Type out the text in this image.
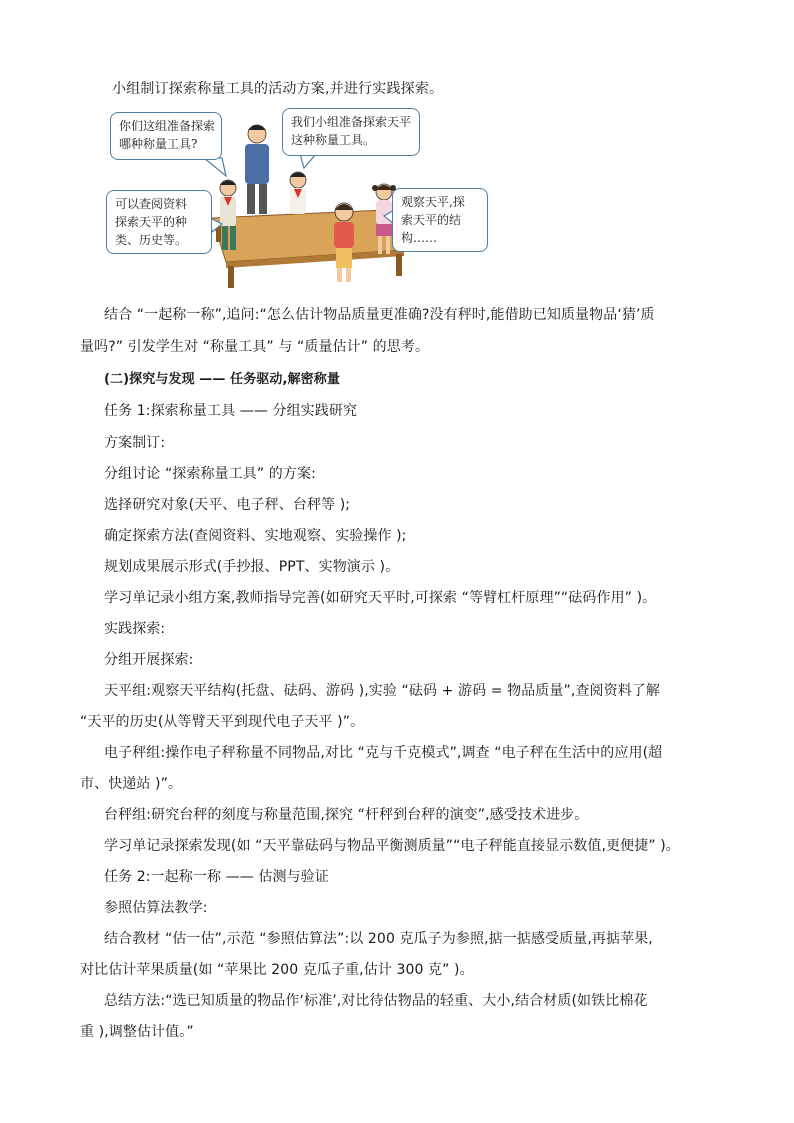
小组制订探索称量工具的活动方案,并进行实践探索。
你们这组准备探索
哪种称量工具?
我们小组准备探索天平
这种称量工具。
可以查阅资料
探索天平的种
类、历史等。
观察天平,探
索天平的结
构……
结合 “一起称一称”,追问:“怎么估计物品质量更准确?没有秤时,能借助已知质量物品‘猜’质
量吗?” 引发学生对 “称量工具” 与 “质量估计” 的思考。
(二)探究与发现 —— 任务驱动,解密称量
任务 1:探索称量工具 —— 分组实践研究
方案制订:
分组讨论 “探索称量工具” 的方案:
选择研究对象(天平、电子秤、台秤等 );
确定探索方法(查阅资料、实地观察、实验操作 );
规划成果展示形式(手抄报、PPT、实物演示 )。
学习单记录小组方案,教师指导完善(如研究天平时,可探索 “等臂杠杆原理”“砝码作用” )。
实践探索:
分组开展探索:
天平组:观察天平结构(托盘、砝码、游码 ),实验 “砝码 + 游码 = 物品质量”,查阅资料了解
“天平的历史(从等臂天平到现代电子天平 )”。
电子秤组:操作电子秤称量不同物品,对比 “克与千克模式”,调查 “电子秤在生活中的应用(超
市、快递站 )”。
台秤组:研究台秤的刻度与称量范围,探究 “杆秤到台秤的演变”,感受技术进步。
学习单记录探索发现(如 “天平靠砝码与物品平衡测质量”“电子秤能直接显示数值,更便捷” )。
任务 2:一起称一称 —— 估测与验证
参照估算法教学:
结合教材 “估一估”,示范 “参照估算法”:以 200 克瓜子为参照,掂一掂感受质量,再掂苹果,
对比估计苹果质量(如 “苹果比 200 克瓜子重,估计 300 克” )。
总结方法:“选已知质量的物品作‘标准’,对比待估物品的轻重、大小,结合材质(如铁比棉花
重 ),调整估计值。”
